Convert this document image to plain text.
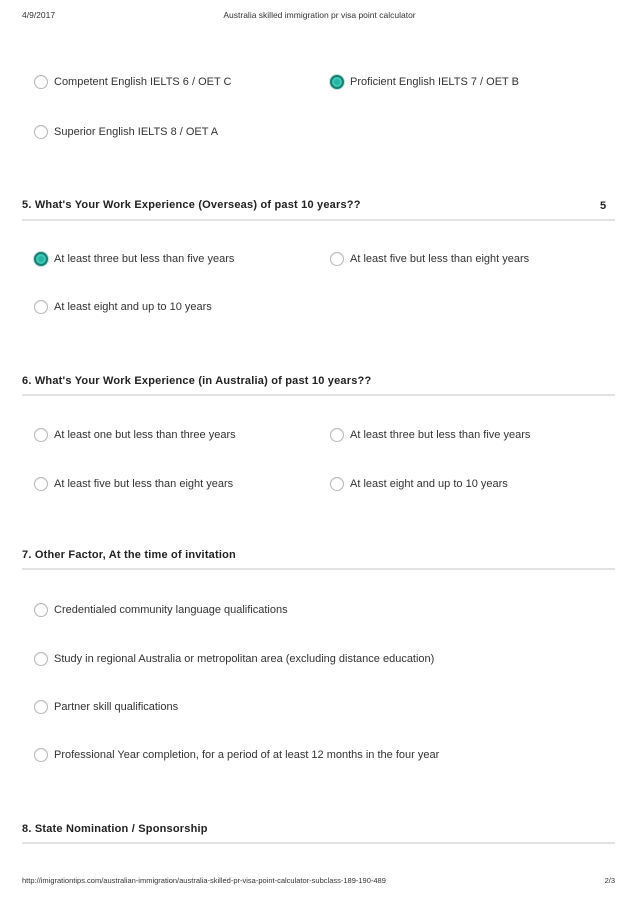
4/9/2017	Australia skilled immigration pr visa point calculator
Competent English IELTS 6 / OET C	Proficient English IELTS 7 / OET B
Superior English IELTS 8 / OET A
5. What's Your Work Experience (Overseas) of past 10 years??	5
At least three but less than five years	At least five but less than eight years
At least eight and up to 10 years
6. What's Your Work Experience (in Australia) of past 10 years??
At least one but less than three years	At least three but less than five years
At least five but less than eight years	At least eight and up to 10 years
7. Other Factor, At the time of invitation
Credentialed community language qualifications
Study in regional Australia or metropolitan area (excluding distance education)
Partner skill qualifications
Professional Year completion, for a period of at least 12 months in the four year
8. State Nomination / Sponsorship
http://imigrationtips.com/australian-immigration/australia-skilled-pr-visa-point-calculator-subclass-189-190-489	2/3
